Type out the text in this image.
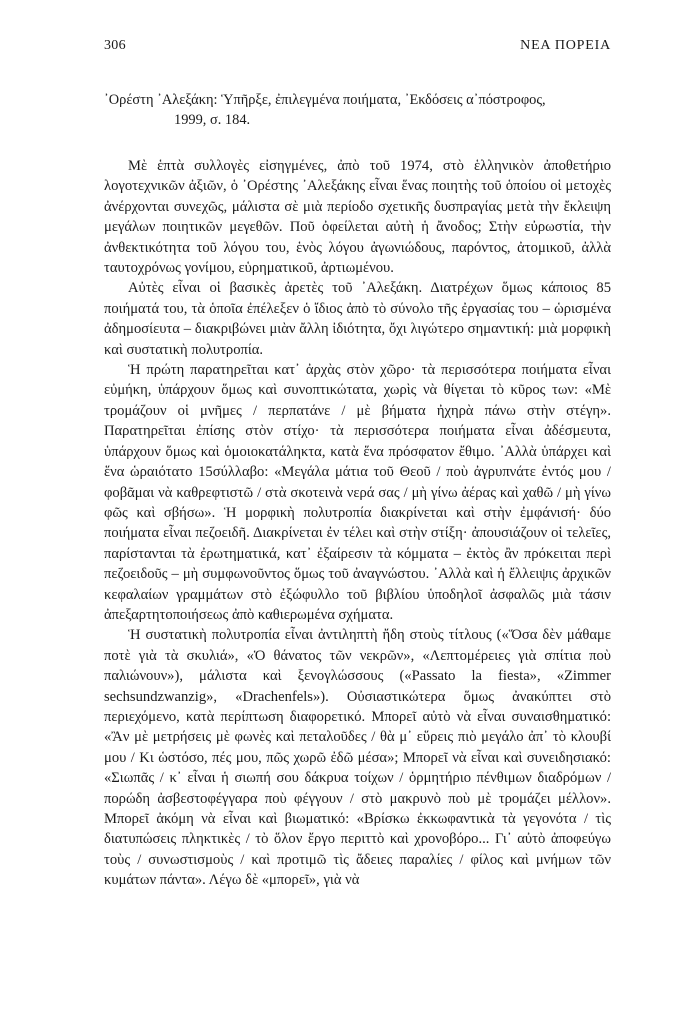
306	ΝΕΑ ΠΟΡΕΙΑ
᾿Ορέστη ᾿Αλεξάκη: Ὑπῆρξε, ἐπιλεγμένα ποιήματα, ᾿Εκδόσεις α᾿πόστροφος,
1999, σ. 184.

Μὲ ἑπτὰ συλλογὲς εἰσηγμένες, ἀπὸ τοῦ 1974, στὸ ἑλληνικὸν ἀποθετήριο λογοτεχνικῶν ἀξιῶν, ὁ ᾿Ορέστης ᾿Αλεξάκης εἶναι ἕνας ποιητὴς τοῦ ὁποίου οἱ μετοχὲς ἀνέρχονται συνεχῶς, μάλιστα σὲ μιὰ περίοδο σχετικῆς δυσπραγίας μετὰ τὴν ἔκλειψη μεγάλων ποιητικῶν μεγεθῶν. Ποῦ ὀφείλεται αὐτὴ ἡ ἄνοδος; Στὴν εὐρωστία, τὴν ἀνθεκτικότητα τοῦ λόγου του, ἑνὸς λόγου ἀγωνιώδους, παρόντος, ἀτομικοῦ, ἀλλὰ ταυτοχρόνως γονίμου, εὑρηματικοῦ, ἀρτιωμένου.

Αὐτὲς εἶναι οἱ βασικὲς ἀρετὲς τοῦ ᾿Αλεξάκη. Διατρέχων ὅμως κάποιος 85 ποιήματά του, τὰ ὁποῖα ἐπέλεξεν ὁ ἴδιος ἀπὸ τὸ σύνολο τῆς ἐργασίας του – ὡρισμένα ἀδημοσίευτα – διακριβώνει μιὰν ἄλλη ἰδιότητα, ὄχι λιγώτερο σημαντική: μιὰ μορφικὴ καὶ συστατικὴ πολυτροπία.

Ἡ πρώτη παρατηρεῖται κατ᾿ ἀρχὰς στὸν χῶρο· τὰ περισσότερα ποιήματα εἶναι εὐμήκη, ὑπάρχουν ὅμως καὶ συνοπτικώτατα, χωρὶς νὰ θίγεται τὸ κῦρος των: «Μὲ τρομάζουν οἱ μνῆμες / περπατάνε / μὲ βήματα ἠχηρὰ πάνω στὴν στέγη». Παρατηρεῖται ἐπίσης στὸν στίχο· τὰ περισσότερα ποιήματα εἶναι ἀδέσμευτα, ὑπάρχουν ὅμως καὶ ὁμοιοκατάληκτα, κατὰ ἕνα πρόσφατον ἔθιμο. ᾿Αλλὰ ὑπάρχει καὶ ἕνα ὡραιότατο 15σύλλαβο: «Μεγάλα μάτια τοῦ Θεοῦ / ποὺ ἀγρυπνάτε ἐντός μου / φοβᾶμαι νὰ καθρεφτιστῶ / στὰ σκοτεινὰ νερά σας / μὴ γίνω ἀέρας καὶ χαθῶ / μὴ γίνω φῶς καὶ σβήσω». Ἡ μορφικὴ πολυτροπία διακρίνεται καὶ στὴν ἐμφάνισή· δύο ποιήματα εἶναι πεζοειδῆ. Διακρίνεται ἐν τέλει καὶ στὴν στίξη· ἀπουσιάζουν οἱ τελεῖες, παρίστανται τὰ ἐρωτηματικά, κατ᾿ ἐξαίρεσιν τὰ κόμματα – ἐκτὸς ἂν πρόκειται περὶ πεζοειδοῦς – μὴ συμφωνοῦντος ὅμως τοῦ ἀναγνώστου. ᾿Αλλὰ καὶ ἡ ἔλλειψις ἀρχικῶν κεφαλαίων γραμμάτων στὸ ἐξώφυλλο τοῦ βιβλίου ὑποδηλοῖ ἀσφαλῶς μιὰ τάσιν ἀπεξαρτητοποιήσεως ἀπὸ καθιερωμένα σχήματα.

Ἡ συστατικὴ πολυτροπία εἶναι ἀντιληπτὴ ἤδη στοὺς τίτλους («Ὅσα δὲν μάθαμε ποτὲ γιὰ τὰ σκυλιά», «Ὁ θάνατος τῶν νεκρῶν», «Λεπτομέρειες γιὰ σπίτια ποὺ παλιώνουν»), μάλιστα καὶ ξενογλώσσους («Passato la fiesta», «Zimmer sechsundzwanzig», «Drachenfels»). Οὐσιαστικώτερα ὅμως ἀνακύπτει στὸ περιεχόμενο, κατὰ περίπτωση διαφορετικό. Μπορεῖ αὐτὸ νὰ εἶναι συναισθηματικό: «Ἂν μὲ μετρήσεις μὲ φωνὲς καὶ πεταλοῦδες / θὰ μ᾿ εὕρεις πιὸ μεγάλο ἀπ᾿ τὸ κλουβί μου / Κι ὡστόσο, πές μου, πῶς χωρῶ ἐδῶ μέσα»; Μπορεῖ νὰ εἶναι καὶ συνειδησιακό: «Σιωπᾶς / κ᾿ εἶναι ἡ σιωπή σου δάκρυα τοίχων / ὁρμητήριο πένθιμων διαδρόμων / πορώδη ἀσβεστοφέγγαρα ποὺ φέγγουν / στὸ μακρυνὸ ποὺ μὲ τρομάζει μέλλον». Μπορεῖ ἀκόμη νὰ εἶναι καὶ βιωματικό: «Βρίσκω ἐκκωφαντικὰ τὰ γεγονότα / τὶς διατυπώσεις πληκτικὲς / τὸ ὅλον ἔργο περιττὸ καὶ χρονοβόρο... Γι᾿ αὐτὸ ἀποφεύγω τοὺς / συνωστισμοὺς / καὶ προτιμῶ τὶς ἄδειες παραλίες / φίλος καὶ μνήμων τῶν κυμάτων πάντα». Λέγω δὲ «μπορεῖ», γιὰ νὰ
